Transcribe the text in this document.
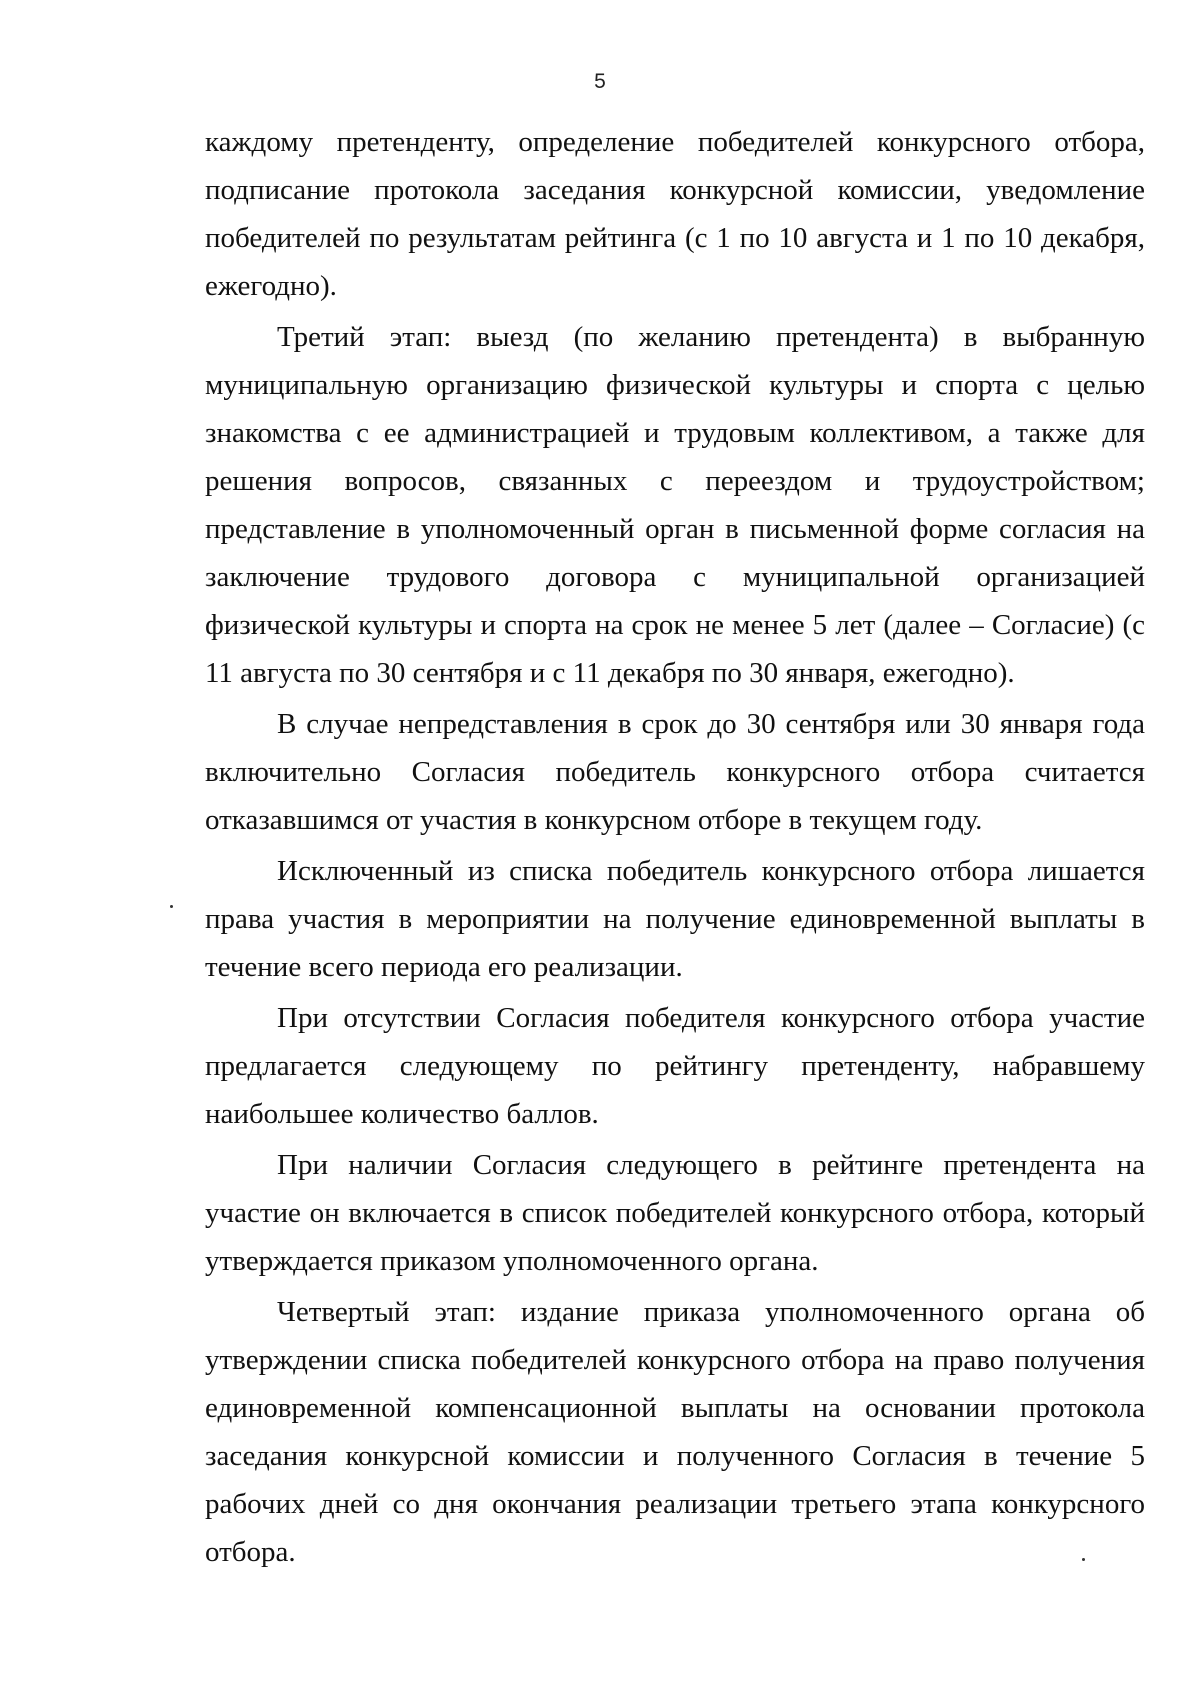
5

каждому претенденту, определение победителей конкурсного отбора, подписание протокола заседания конкурсной комиссии, уведомление победителей по результатам рейтинга (с 1 по 10 августа и 1 по 10 декабря, ежегодно).

Третий этап: выезд (по желанию претендента) в выбранную муниципальную организацию физической культуры и спорта с целью знакомства с ее администрацией и трудовым коллективом, а также для решения вопросов, связанных с переездом и трудоустройством; представление в уполномоченный орган в письменной форме согласия на заключение трудового договора с муниципальной организацией физической культуры и спорта на срок не менее 5 лет (далее – Согласие) (с 11 августа по 30 сентября и с 11 декабря по 30 января, ежегодно).

В случае непредставления в срок до 30 сентября или 30 января года включительно Согласия победитель конкурсного отбора считается отказавшимся от участия в конкурсном отборе в текущем году.

Исключенный из списка победитель конкурсного отбора лишается права участия в мероприятии на получение единовременной выплаты в течение всего периода его реализации.

При отсутствии Согласия победителя конкурсного отбора участие предлагается следующему по рейтингу претенденту, набравшему наибольшее количество баллов.

При наличии Согласия следующего в рейтинге претендента на участие он включается в список победителей конкурсного отбора, который утверждается приказом уполномоченного органа.

Четвертый этап: издание приказа уполномоченного органа об утверждении списка победителей конкурсного отбора на право получения единовременной компенсационной выплаты на основании протокола заседания конкурсной комиссии и полученного Согласия в течение 5 рабочих дней со дня окончания реализации третьего этапа конкурсного отбора.
